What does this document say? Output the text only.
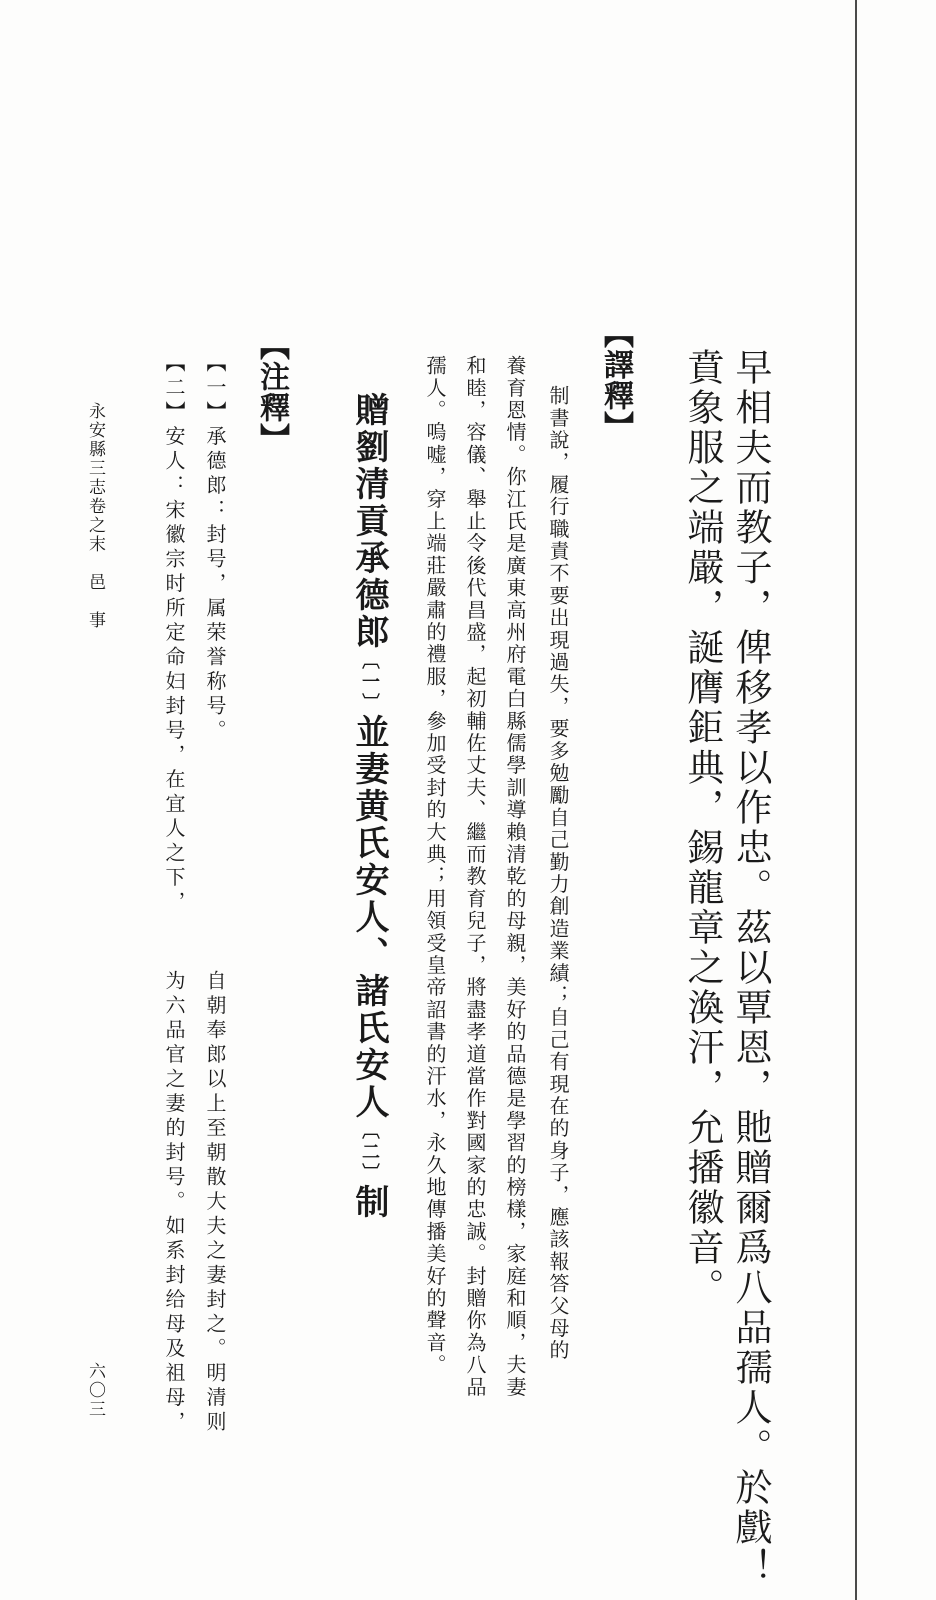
早相夫而教子，俾移孝以作忠。茲以覃恩，貤贈爾爲八品孺人。於戲！
賁象服之端嚴，誕膺鉅典，錫龍章之渙汗，允播徽音。
【譯釋】
制書說，履行職責不要出現過失，要多勉勵自己勤力創造業績；自己有現在的身子，應該報答父母的
養育恩情。你江氏是廣東高州府電白縣儒學訓導賴清乾的母親，美好的品德是學習的榜樣，家庭和順，夫妻
和睦，容儀、舉止令後代昌盛，起初輔佐丈夫、繼而教育兒子，將盡孝道當作對國家的忠誠。封贈你為八品
孺人。嗚嘘，穿上端莊嚴肅的禮服，參加受封的大典；用領受皇帝詔書的汗水，永久地傳播美好的聲音。
贈劉清貢承德郎〔一〕並妻黄氏安人、諸氏安人〔二〕制
【注釋】
【一】承德郎：封号，属荣誉称号。
【二】安人：宋徽宗时所定命妇封号，在宜人之下，
自朝奉郎以上至朝散大夫之妻封之。明清则
为六品官之妻的封号。如系封给母及祖母，
永安縣三志卷之末　邑　事
六〇三
